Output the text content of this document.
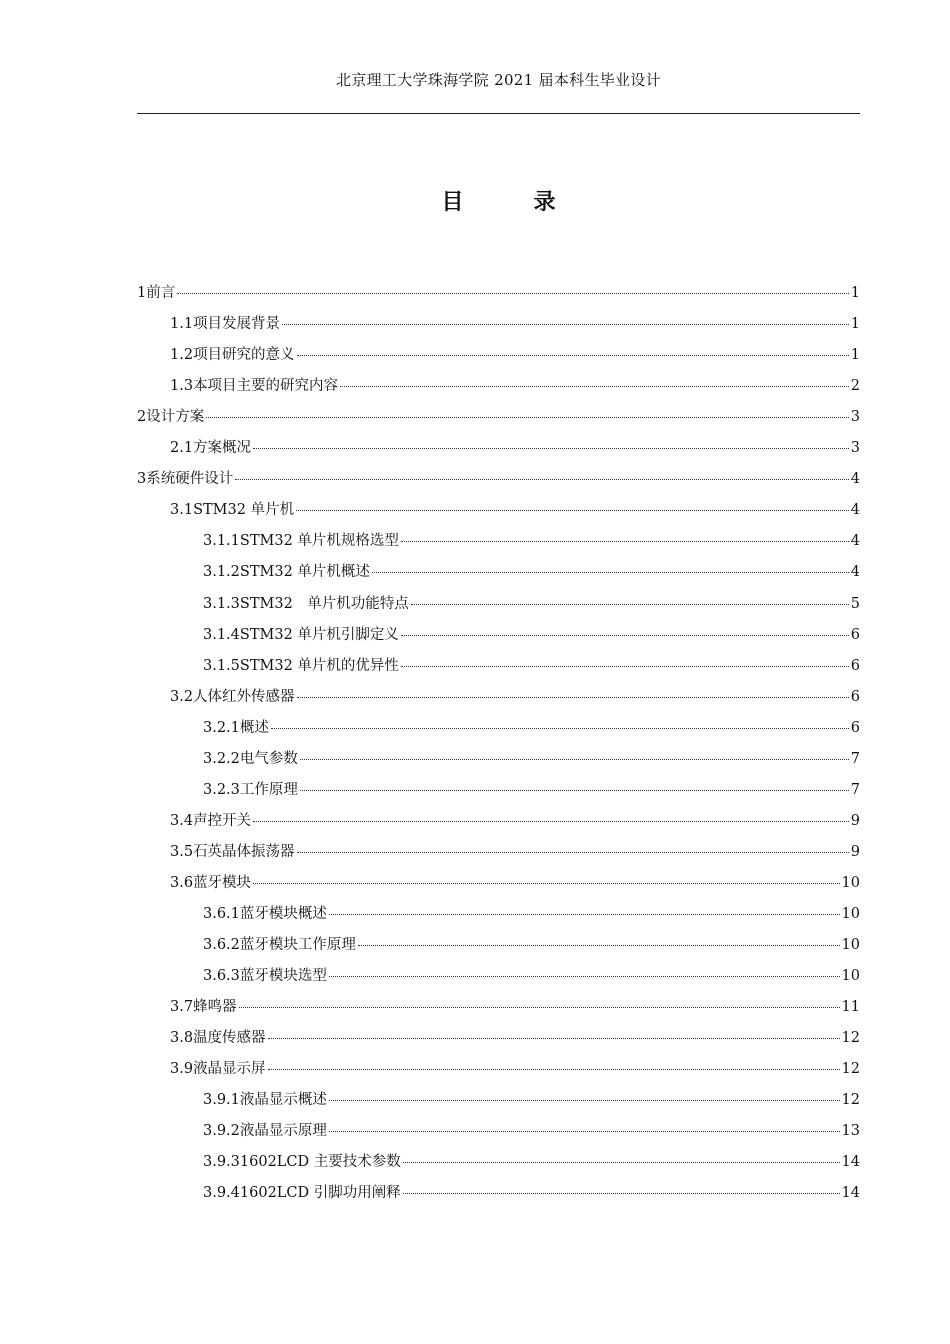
北京理工大学珠海学院 2021 届本科生毕业设计
目　录
1 前言	1
1.1 项目发展背景	1
1.2 项目研究的意义	1
1.3 本项目主要的研究内容	2
2 设计方案	3
2.1 方案概况	3
3 系统硬件设计	4
3.1 STM32 单片机	4
3.1.1 STM32 单片机规格选型	4
3.1.2 STM32 单片机概述	4
3.1.3 STM32　单片机功能特点	5
3.1.4 STM32 单片机引脚定义	6
3.1.5 STM32 单片机的优异性	6
3.2 人体红外传感器	6
3.2.1 概述	6
3.2.2 电气参数	7
3.2.3 工作原理	7
3.4 声控开关	9
3.5 石英晶体振荡器	9
3.6 蓝牙模块	10
3.6.1 蓝牙模块概述	10
3.6.2 蓝牙模块工作原理	10
3.6.3 蓝牙模块选型	10
3.7 蜂鸣器	11
3.8 温度传感器	12
3.9 液晶显示屏	12
3.9.1 液晶显示概述	12
3.9.2 液晶显示原理	13
3.9.3 1602LCD 主要技术参数	14
3.9.4 1602LCD 引脚功用阐释	14
